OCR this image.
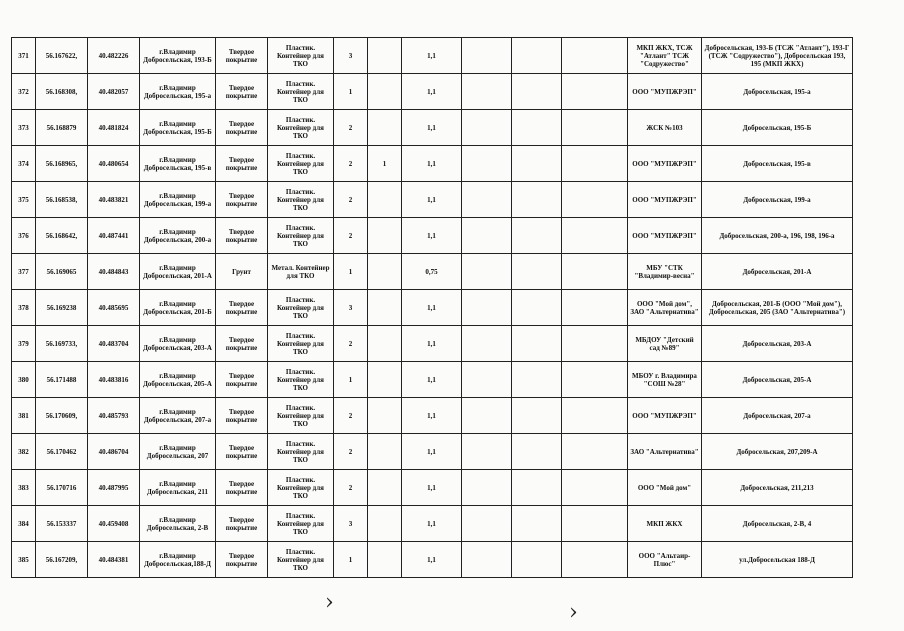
371	56.167622,	40.482226	г.Владимир Добросельская, 193-Б	Твердое покрытие	Пластик. Контейнер для ТКО	3		1,1				МКП ЖКХ, ТСЖ "Атлант" ТСЖ "Содружество"	Добросельская, 193-Б (ТСЖ "Атлант"), 193-Г (ТСЖ "Содружество"), Добросельская 193, 195 (МКП ЖКХ)
372	56.168308,	40.482057	г.Владимир Добросельская, 195-а	Твердое покрытие	Пластик. Контейнер для ТКО	1		1,1				ООО "МУПЖРЭП"	Добросельская, 195-а
373	56.168879	40.481824	г.Владимир Добросельская, 195-Б	Твердое покрытие	Пластик. Контейнер для ТКО	2		1,1				ЖСК №103	Добросельская, 195-Б
374	56.168965,	40.480654	г.Владимир Добросельская, 195-в	Твердое покрытие	Пластик. Контейнер для ТКО	2	1	1,1				ООО "МУПЖРЭП"	Добросельская, 195-в
375	56.168538,	40.483821	г.Владимир Добросельская, 199-а	Твердое покрытие	Пластик. Контейнер для ТКО	2		1,1				ООО "МУПЖРЭП"	Добросельская, 199-а
376	56.168642,	40.487441	г.Владимир Добросельская, 200-а	Твердое покрытие	Пластик. Контейнер для ТКО	2		1,1				ООО "МУПЖРЭП"	Добросельская, 200-а, 196, 198, 196-а
377	56.169065	40.484843	г.Владимир Добросельская, 201-А	Грунт	Метал. Контейнер для ТКО	1		0,75				МБУ "СТК "Владимир-весна"	Добросельская, 201-А
378	56.169238	40.485695	г.Владимир Добросельская, 201-Б	Твердое покрытие	Пластик. Контейнер для ТКО	3		1,1				ООО "Мой дом", ЗАО "Альтернатива"	Добросельская, 201-Б (ООО "Мой дом"), Добросельская, 205 (ЗАО "Альтернатива")
379	56.169733,	40.483704	г.Владимир Добросельская, 203-А	Твердое покрытие	Пластик. Контейнер для ТКО	2		1,1				МБДОУ "Детский сад №89"	Добросельская, 203-А
380	56.171488	40.483816	г.Владимир Добросельская, 205-А	Твердое покрытие	Пластик. Контейнер для ТКО	1		1,1				МБОУ г. Владимира "СОШ №28"	Добросельская, 205-А
381	56.170609,	40.485793	г.Владимир Добросельская, 207-а	Твердое покрытие	Пластик. Контейнер для ТКО	2		1,1				ООО "МУПЖРЭП"	Добросельская, 207-а
382	56.170462	40.486704	г.Владимир Добросельская, 207	Твердое покрытие	Пластик. Контейнер для ТКО	2		1,1				ЗАО "Альтернатива"	Добросельская, 207,209-А
383	56.170716	40.487995	г.Владимир Добросельская, 211	Твердое покрытие	Пластик. Контейнер для ТКО	2		1,1				ООО "Мой дом"	Добросельская, 211,213
384	56.153337	40.459408	г.Владимир Добросельская, 2-В	Твердое покрытие	Пластик. Контейнер для ТКО	3		1,1				МКП ЖКХ	Добросельская, 2-В, 4
385	56.167209,	40.484381	г.Владимир Добросельская,188-Д	Твердое покрытие	Пластик. Контейнер для ТКО	1		1,1				ООО "Альтаир-Плюс"	ул.Добросельская 188-Д
›	›
